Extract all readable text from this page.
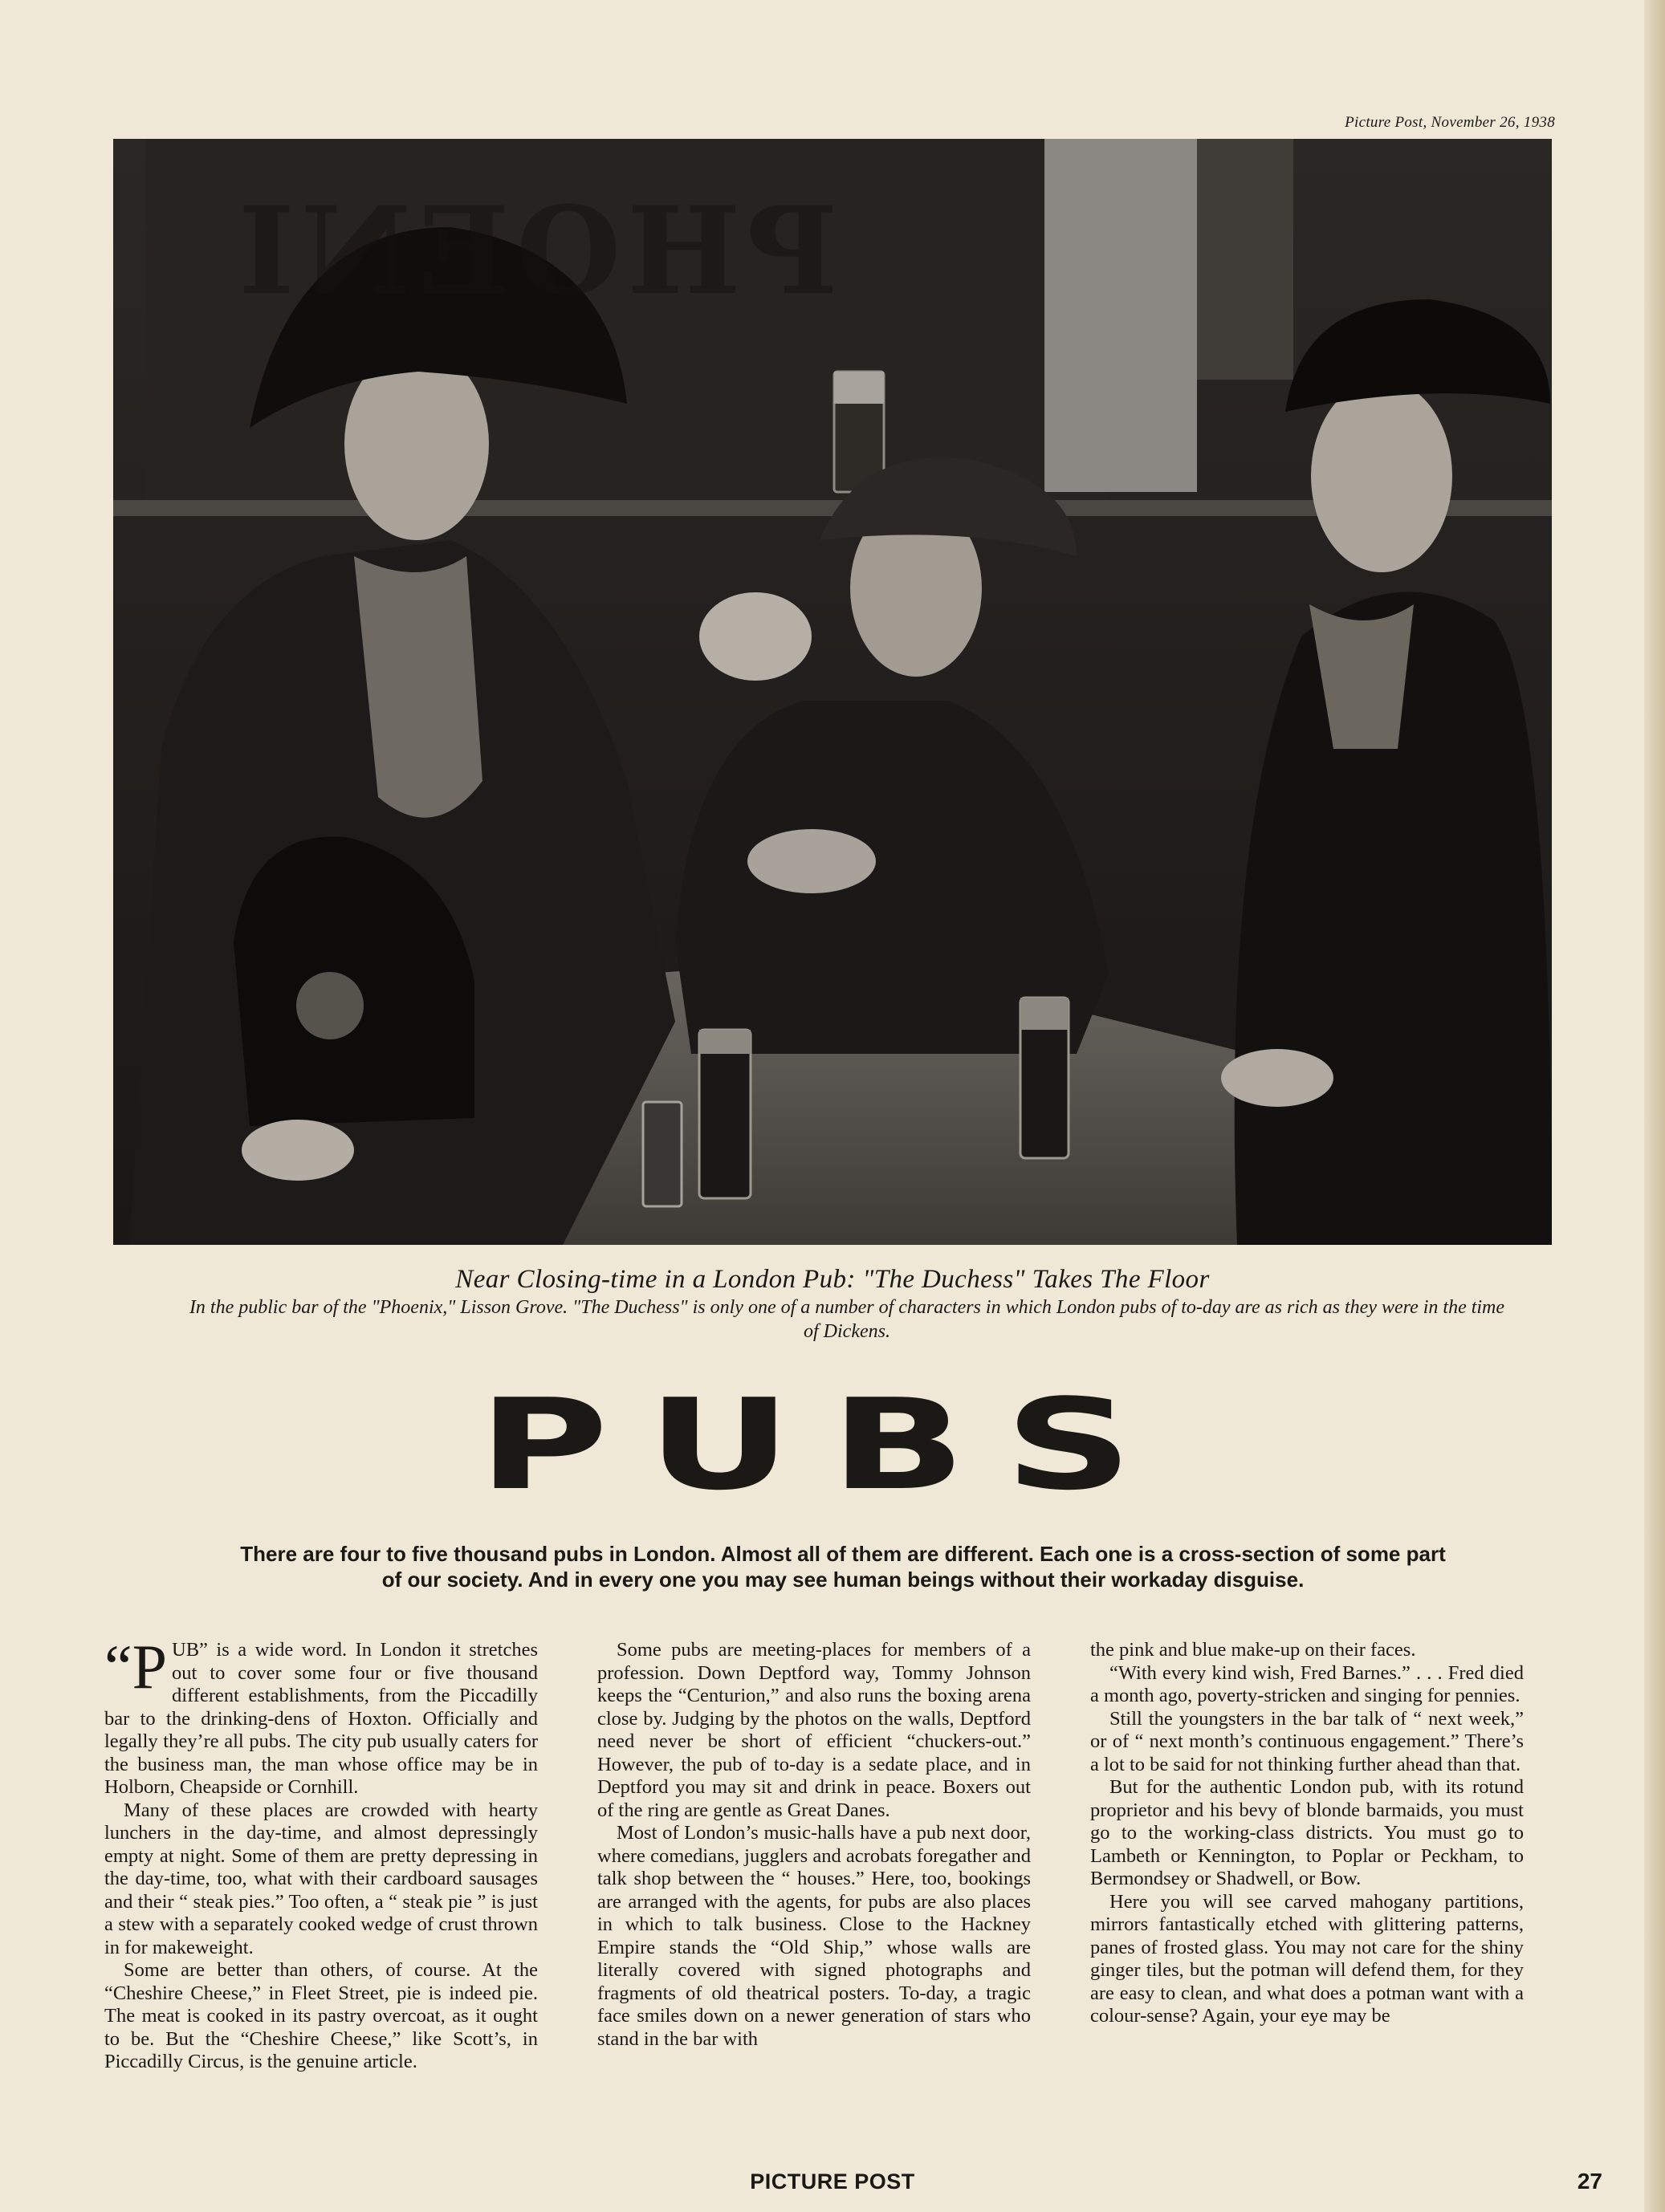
Picture Post, November 26, 1938
PHOENI
Near Closing-time in a London Pub: "The Duchess" Takes The Floor
In the public bar of the "Phoenix," Lisson Grove. "The Duchess" is only one of a number of characters in which London pubs of to-day are as rich as they were in the time of Dickens.
PUBS
There are four to five thousand pubs in London. Almost all of them are different. Each one is a cross-section of some part of our society. And in every one you may see human beings without their workaday disguise.

“P UB” is a wide word. In London it stretches out to cover some four or five thousand different establishments, from the Piccadilly bar to the drinking-dens of Hoxton. Officially and legally they’re all pubs. The city pub usually caters for the business man, the man whose office may be in Holborn, Cheapside or Cornhill.

Many of these places are crowded with hearty lunchers in the day-time, and almost depressingly empty at night. Some of them are pretty depressing in the day-time, too, what with their cardboard sausages and their “ steak pies.” Too often, a “ steak pie ” is just a stew with a separately cooked wedge of crust thrown in for makeweight.

Some are better than others, of course. At the “Cheshire Cheese,” in Fleet Street, pie is indeed pie. The meat is cooked in its pastry overcoat, as it ought to be. But the “Cheshire Cheese,” like Scott’s, in Piccadilly Circus, is the genuine article.

Some pubs are meeting-places for members of a profession. Down Deptford way, Tommy Johnson keeps the “Centurion,” and also runs the boxing arena close by. Judging by the photos on the walls, Deptford need never be short of efficient “chuckers-out.” However, the pub of to-day is a sedate place, and in Deptford you may sit and drink in peace. Boxers out of the ring are gentle as Great Danes.

Most of London’s music-halls have a pub next door, where comedians, jugglers and acrobats foregather and talk shop between the “ houses.” Here, too, bookings are arranged with the agents, for pubs are also places in which to talk business. Close to the Hackney Empire stands the “Old Ship,” whose walls are literally covered with signed photographs and fragments of old theatrical posters. To-day, a tragic face smiles down on a newer generation of stars who stand in the bar with

the pink and blue make-up on their faces.

“With every kind wish, Fred Barnes.” . . . Fred died a month ago, poverty-stricken and singing for pennies.

Still the youngsters in the bar talk of “ next week,” or of “ next month’s continuous engagement.” There’s a lot to be said for not thinking further ahead than that.

But for the authentic London pub, with its rotund proprietor and his bevy of blonde barmaids, you must go to the working-class districts. You must go to Lambeth or Kennington, to Poplar or Peckham, to Bermondsey or Shadwell, or Bow.

Here you will see carved mahogany partitions, mirrors fantastically etched with glittering patterns, panes of frosted glass. You may not care for the shiny ginger tiles, but the potman will defend them, for they are easy to clean, and what does a potman want with a colour-sense? Again, your eye may be

PICTURE POST	27
